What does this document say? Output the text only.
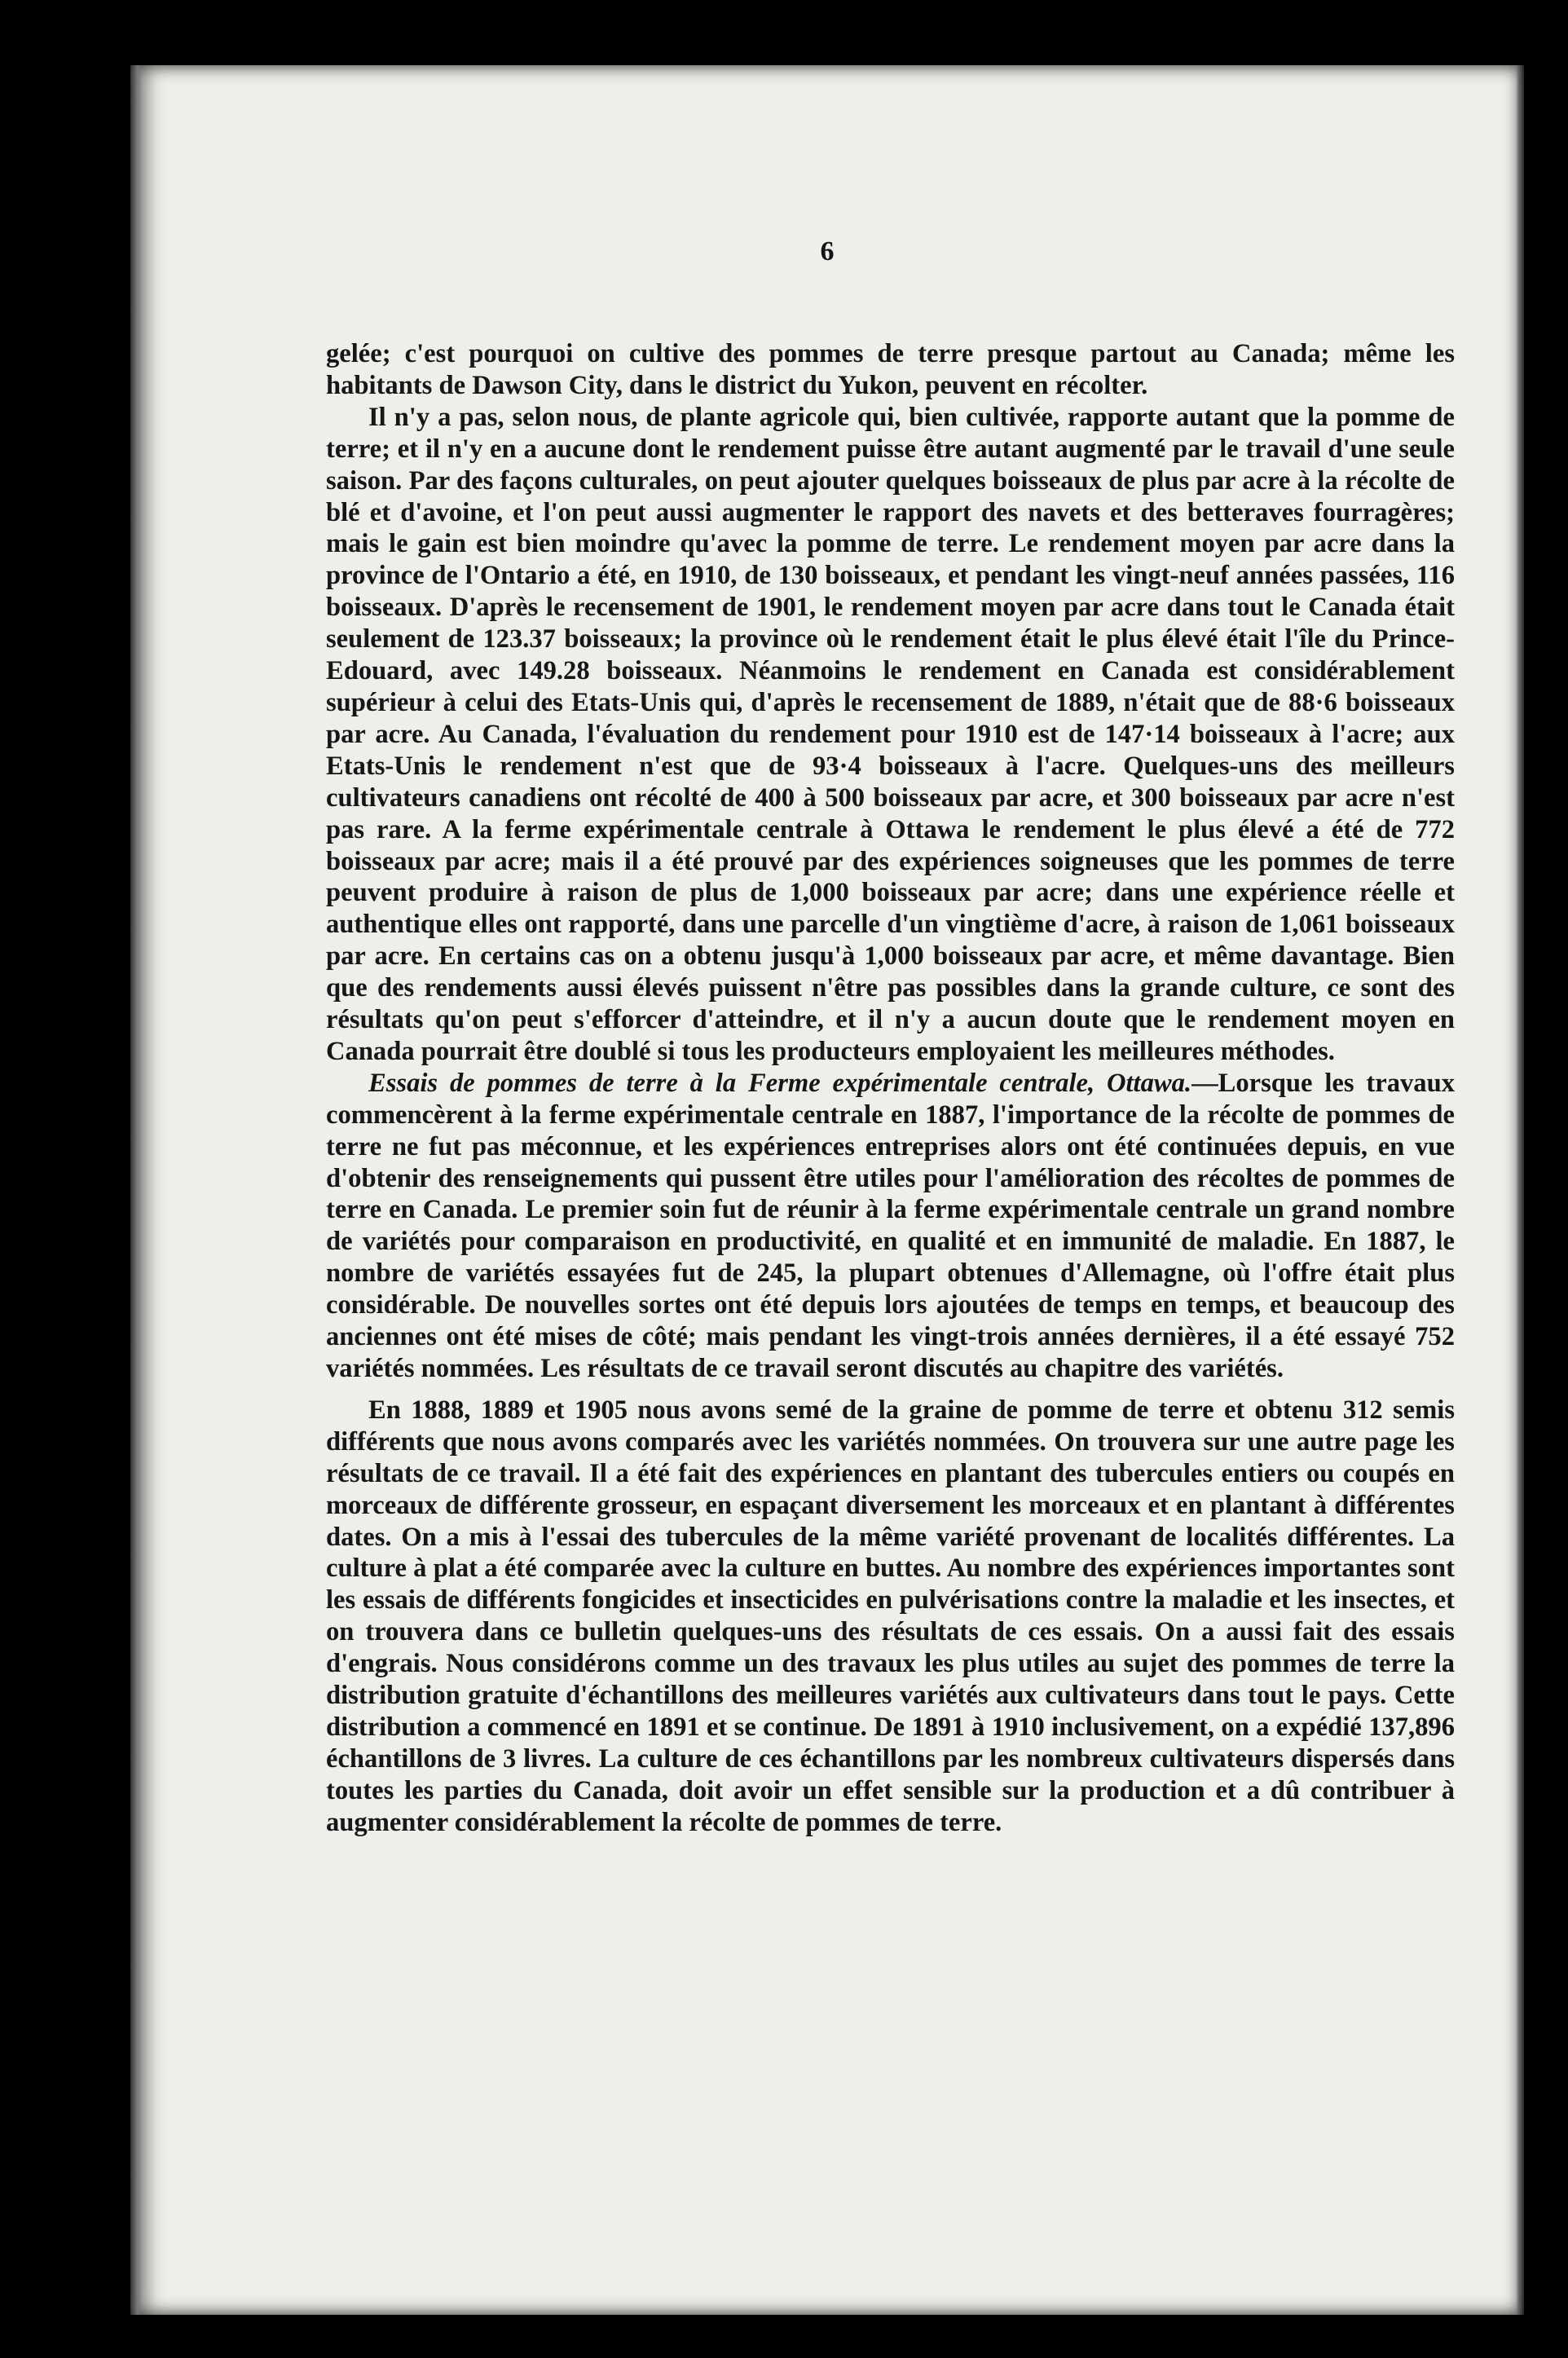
6

gelée; c'est pourquoi on cultive des pommes de terre presque partout au Canada; même les habitants de Dawson City, dans le district du Yukon, peuvent en récolter.

Il n'y a pas, selon nous, de plante agricole qui, bien cultivée, rapporte autant que la pomme de terre; et il n'y en a aucune dont le rendement puisse être autant augmenté par le travail d'une seule saison. Par des façons culturales, on peut ajouter quelques boisseaux de plus par acre à la récolte de blé et d'avoine, et l'on peut aussi augmenter le rapport des navets et des betteraves fourragères; mais le gain est bien moindre qu'avec la pomme de terre. Le rendement moyen par acre dans la province de l'Ontario a été, en 1910, de 130 boisseaux, et pendant les vingt-neuf années passées, 116 boisseaux. D'après le recensement de 1901, le rendement moyen par acre dans tout le Canada était seulement de 123.37 boisseaux; la province où le rendement était le plus élevé était l'île du Prince-Edouard, avec 149.28 boisseaux. Néanmoins le rendement en Canada est considérablement supérieur à celui des Etats-Unis qui, d'après le recensement de 1889, n'était que de 88·6 boisseaux par acre. Au Canada, l'évaluation du rendement pour 1910 est de 147·14 boisseaux à l'acre; aux Etats-Unis le rendement n'est que de 93·4 boisseaux à l'acre. Quelques-uns des meilleurs cultivateurs canadiens ont récolté de 400 à 500 boisseaux par acre, et 300 boisseaux par acre n'est pas rare. A la ferme expérimentale centrale à Ottawa le rendement le plus élevé a été de 772 boisseaux par acre; mais il a été prouvé par des expériences soigneuses que les pommes de terre peuvent produire à raison de plus de 1,000 boisseaux par acre; dans une expérience réelle et authentique elles ont rapporté, dans une parcelle d'un vingtième d'acre, à raison de 1,061 boisseaux par acre. En certains cas on a obtenu jusqu'à 1,000 boisseaux par acre, et même davantage. Bien que des rendements aussi élevés puissent n'être pas possibles dans la grande culture, ce sont des résultats qu'on peut s'efforcer d'atteindre, et il n'y a aucun doute que le rendement moyen en Canada pourrait être doublé si tous les producteurs employaient les meilleures méthodes.

Essais de pommes de terre à la Ferme expérimentale centrale, Ottawa.—Lorsque les travaux commencèrent à la ferme expérimentale centrale en 1887, l'importance de la récolte de pommes de terre ne fut pas méconnue, et les expériences entreprises alors ont été continuées depuis, en vue d'obtenir des renseignements qui pussent être utiles pour l'amélioration des récoltes de pommes de terre en Canada. Le premier soin fut de réunir à la ferme expérimentale centrale un grand nombre de variétés pour comparaison en productivité, en qualité et en immunité de maladie. En 1887, le nombre de variétés essayées fut de 245, la plupart obtenues d'Allemagne, où l'offre était plus considérable. De nouvelles sortes ont été depuis lors ajoutées de temps en temps, et beaucoup des anciennes ont été mises de côté; mais pendant les vingt-trois années dernières, il a été essayé 752 variétés nommées. Les résultats de ce travail seront discutés au chapitre des variétés.

En 1888, 1889 et 1905 nous avons semé de la graine de pomme de terre et obtenu 312 semis différents que nous avons comparés avec les variétés nommées. On trouvera sur une autre page les résultats de ce travail. Il a été fait des expériences en plantant des tubercules entiers ou coupés en morceaux de différente grosseur, en espaçant diversement les morceaux et en plantant à différentes dates. On a mis à l'essai des tubercules de la même variété provenant de localités différentes. La culture à plat a été comparée avec la culture en buttes. Au nombre des expériences importantes sont les essais de différents fongicides et insecticides en pulvérisations contre la maladie et les insectes, et on trouvera dans ce bulletin quelques-uns des résultats de ces essais. On a aussi fait des essais d'engrais. Nous considérons comme un des travaux les plus utiles au sujet des pommes de terre la distribution gratuite d'échantillons des meilleures variétés aux cultivateurs dans tout le pays. Cette distribution a commencé en 1891 et se continue. De 1891 à 1910 inclusivement, on a expédié 137,896 échantillons de 3 livres. La culture de ces échantillons par les nombreux cultivateurs dispersés dans toutes les parties du Canada, doit avoir un effet sensible sur la production et a dû contribuer à augmenter considérablement la récolte de pommes de terre.
